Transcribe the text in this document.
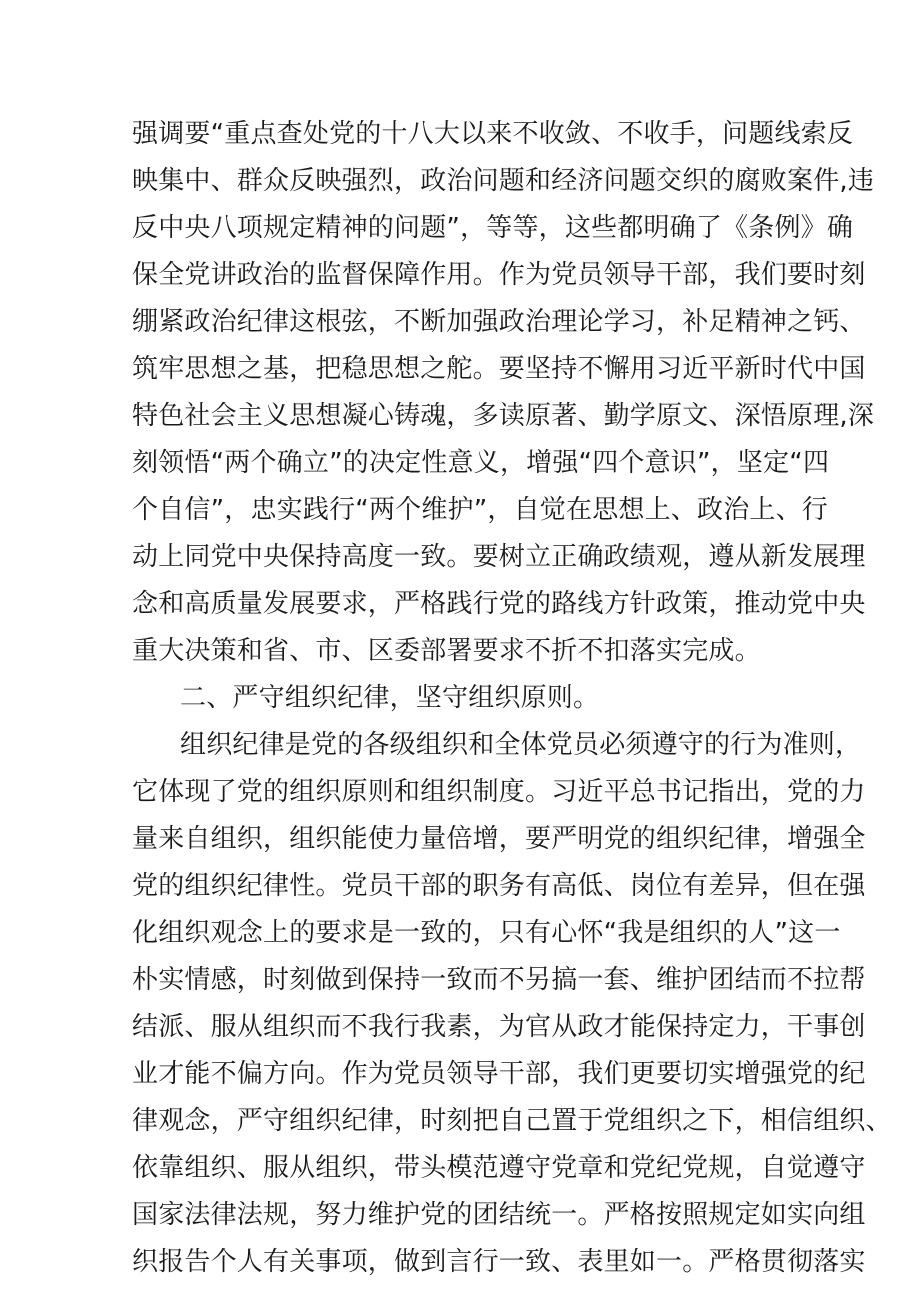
强调要“重点查处党的十八大以来不收敛、不收手，问题线索反
映集中、群众反映强烈，政治问题和经济问题交织的腐败案件,违
反中央八项规定精神的问题”，等等，这些都明确了《条例》确
保全党讲政治的监督保障作用。作为党员领导干部，我们要时刻
绷紧政治纪律这根弦，不断加强政治理论学习，补足精神之钙、
筑牢思想之基，把稳思想之舵。要坚持不懈用习近平新时代中国
特色社会主义思想凝心铸魂，多读原著、勤学原文、深悟原理,深
刻领悟“两个确立”的决定性意义，增强“四个意识”，坚定“四
个自信”，忠实践行“两个维护”，自觉在思想上、政治上、行
动上同党中央保持高度一致。要树立正确政绩观，遵从新发展理
念和高质量发展要求，严格践行党的路线方针政策，推动党中央
重大决策和省、市、区委部署要求不折不扣落实完成。
二、严守组织纪律，坚守组织原则。
组织纪律是党的各级组织和全体党员必须遵守的行为准则，
它体现了党的组织原则和组织制度。习近平总书记指出，党的力
量来自组织，组织能使力量倍增，要严明党的组织纪律，增强全
党的组织纪律性。党员干部的职务有高低、岗位有差异，但在强
化组织观念上的要求是一致的，只有心怀“我是组织的人”这一
朴实情感，时刻做到保持一致而不另搞一套、维护团结而不拉帮
结派、服从组织而不我行我素，为官从政才能保持定力，干事创
业才能不偏方向。作为党员领导干部，我们更要切实增强党的纪
律观念，严守组织纪律，时刻把自己置于党组织之下，相信组织、
依靠组织、服从组织，带头模范遵守党章和党纪党规，自觉遵守
国家法律法规，努力维护党的团结统一。严格按照规定如实向组
织报告个人有关事项，做到言行一致、表里如一。严格贯彻落实
